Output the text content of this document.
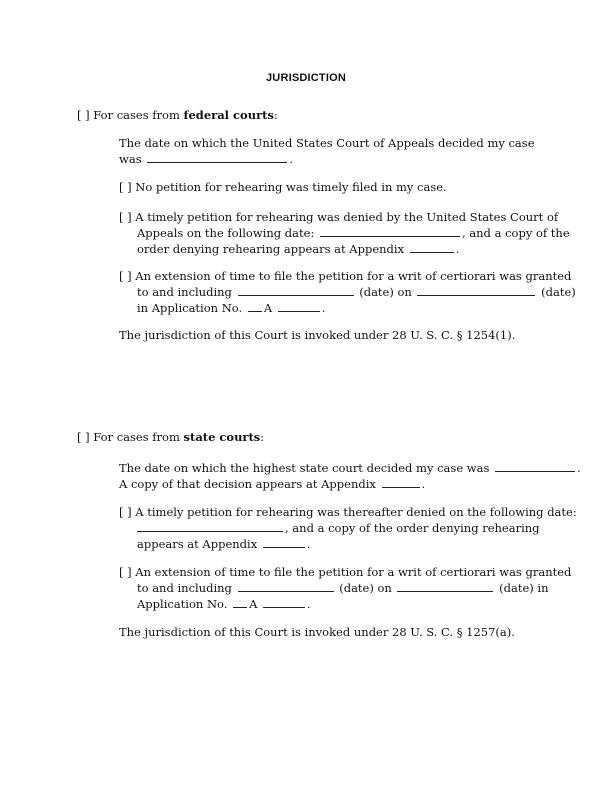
JURISDICTION
[ ] For cases from federal courts:
The date on which the United States Court of Appeals decided my case
was	.
[ ] No petition for rehearing was timely filed in my case.
[ ] A timely petition for rehearing was denied by the United States Court of
Appeals on the following date:	, and a copy of the
order denying rehearing appears at Appendix	.
[ ] An extension of time to file the petition for a writ of certiorari was granted
to and including	(date) on	(date)
in Application No. A	.
The jurisdiction of this Court is invoked under 28 U. S. C. § 1254(1).
[ ] For cases from state courts:
The date on which the highest state court decided my case was	.
A copy of that decision appears at Appendix	.
[ ] A timely petition for rehearing was thereafter denied on the following date:
, and a copy of the order denying rehearing
appears at Appendix	.
[ ] An extension of time to file the petition for a writ of certiorari was granted
to and including	(date) on	(date) in
Application No. A	.
The jurisdiction of this Court is invoked under 28 U. S. C. § 1257(a).
